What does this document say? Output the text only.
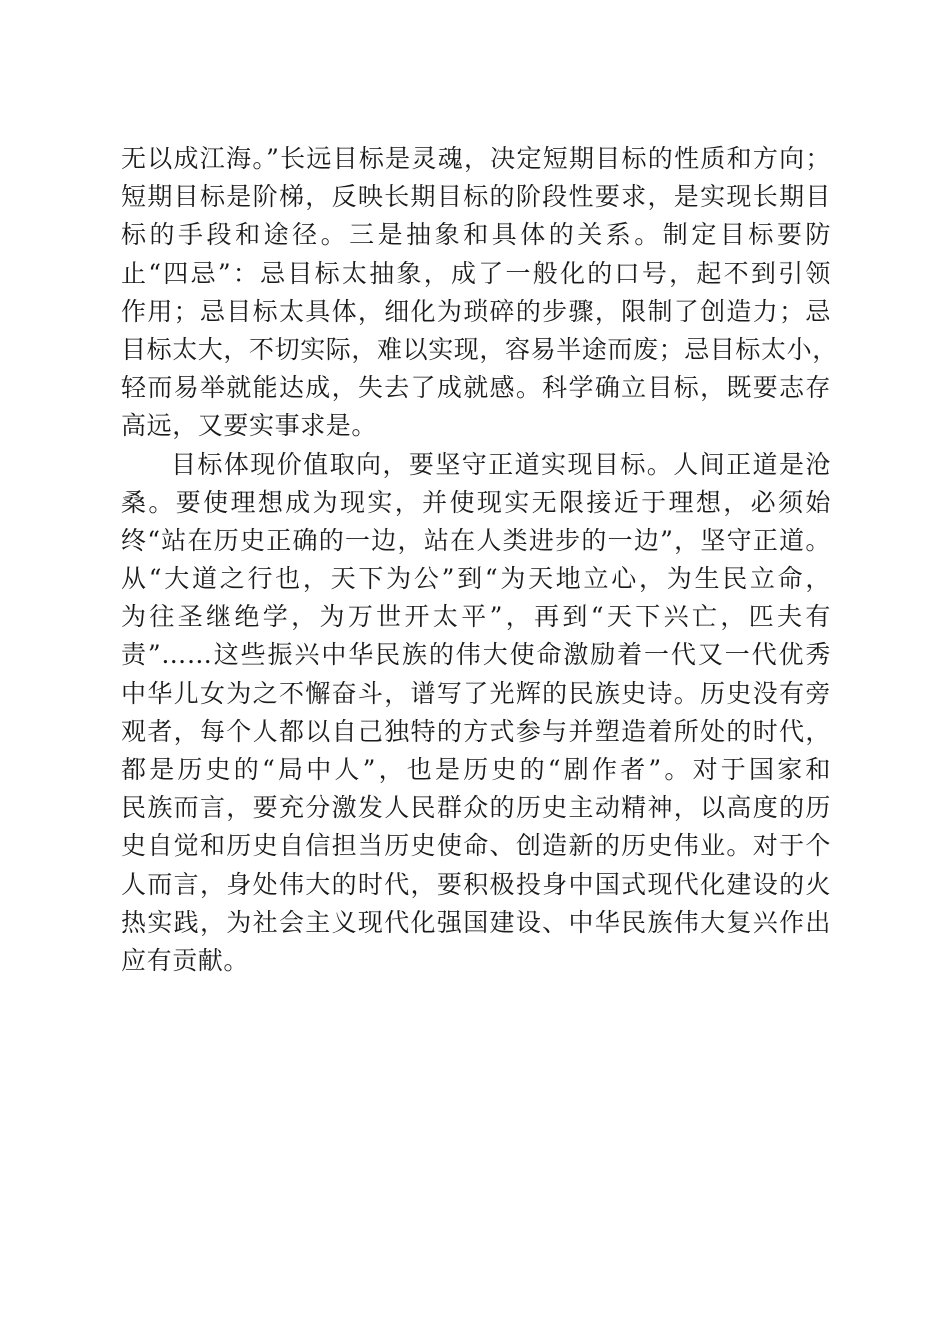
无以成江海。”长远目标是灵魂，决定短期目标的性质和方向；
短期目标是阶梯，反映长期目标的阶段性要求，是实现长期目
标的手段和途径。三是抽象和具体的关系。制定目标要防
止“四忌”：忌目标太抽象，成了一般化的口号，起不到引领
作用；忌目标太具体，细化为琐碎的步骤，限制了创造力；忌
目标太大，不切实际，难以实现，容易半途而废；忌目标太小，
轻而易举就能达成，失去了成就感。科学确立目标，既要志存
高远，又要实事求是。
目标体现价值取向，要坚守正道实现目标。人间正道是沧
桑。要使理想成为现实，并使现实无限接近于理想，必须始
终“站在历史正确的一边，站在人类进步的一边”，坚守正道。
从“大道之行也，天下为公”到“为天地立心，为生民立命，
为往圣继绝学，为万世开太平”，再到“天下兴亡，匹夫有
责”……这些振兴中华民族的伟大使命激励着一代又一代优秀
中华儿女为之不懈奋斗，谱写了光辉的民族史诗。历史没有旁
观者，每个人都以自己独特的方式参与并塑造着所处的时代，
都是历史的“局中人”，也是历史的“剧作者”。对于国家和
民族而言，要充分激发人民群众的历史主动精神，以高度的历
史自觉和历史自信担当历史使命、创造新的历史伟业。对于个
人而言，身处伟大的时代，要积极投身中国式现代化建设的火
热实践，为社会主义现代化强国建设、中华民族伟大复兴作出
应有贡献。
